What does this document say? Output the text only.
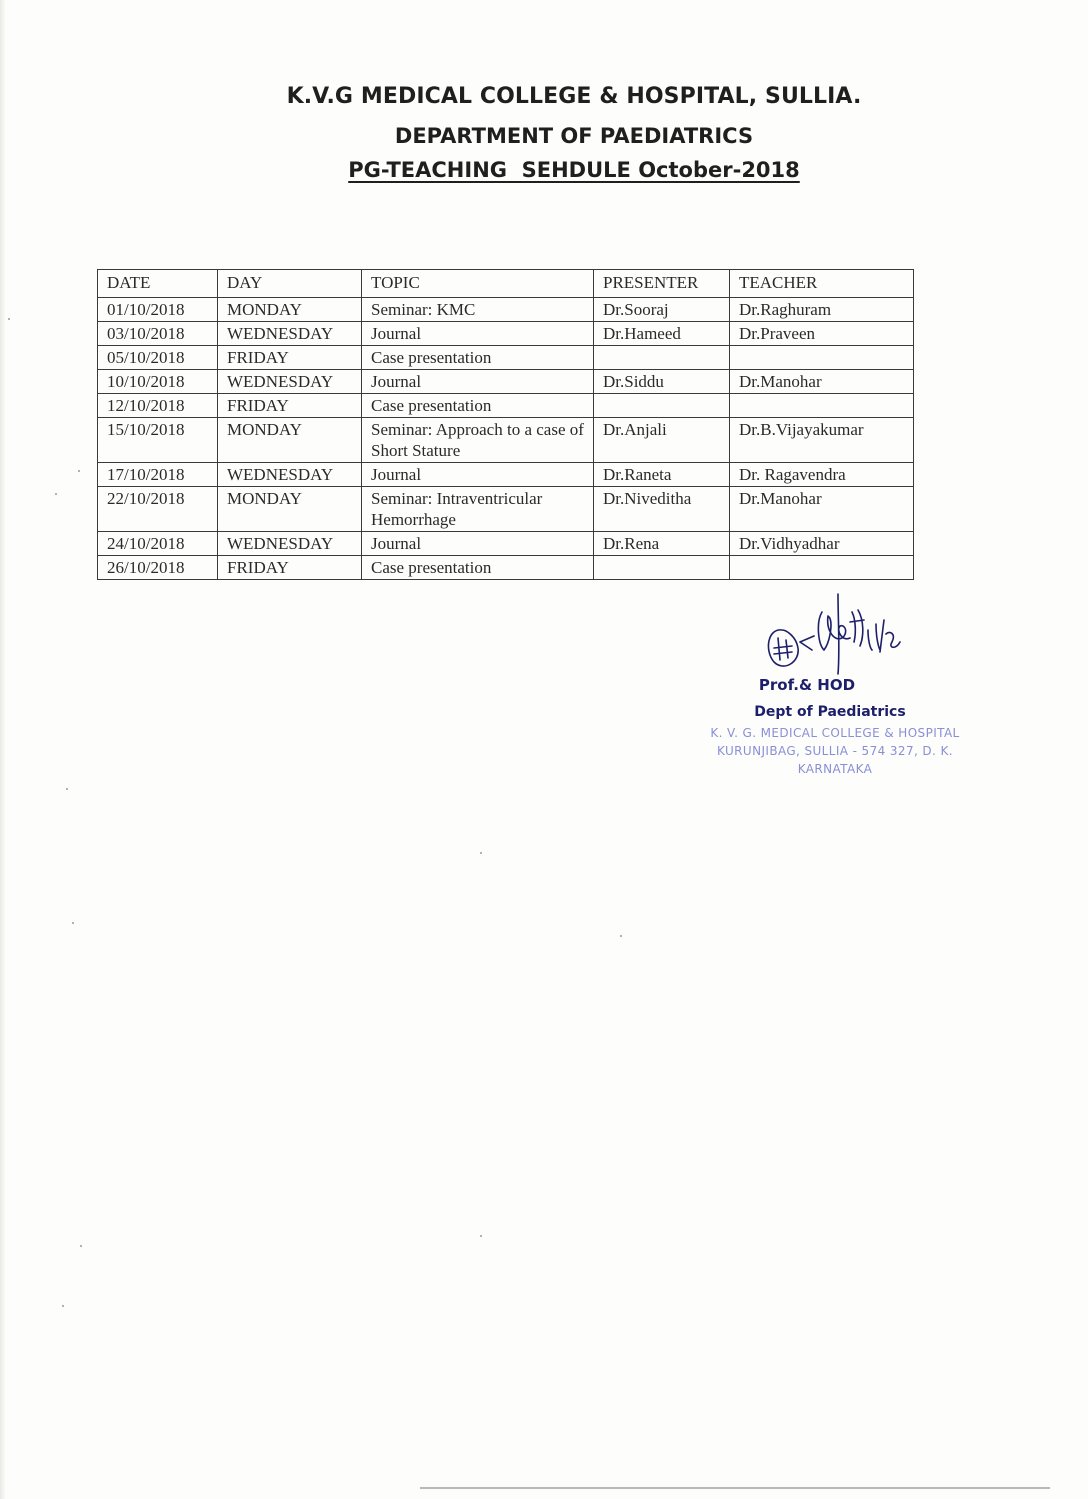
K.V.G MEDICAL COLLEGE & HOSPITAL, SULLIA.
DEPARTMENT OF PAEDIATRICS
PG-TEACHING  SEHDULE October-2018
DATE	DAY	TOPIC	PRESENTER	TEACHER
01/10/2018	MONDAY	Seminar: KMC	Dr.Sooraj	Dr.Raghuram
03/10/2018	WEDNESDAY	Journal	Dr.Hameed	Dr.Praveen
05/10/2018	FRIDAY	Case presentation		
10/10/2018	WEDNESDAY	Journal	Dr.Siddu	Dr.Manohar
12/10/2018	FRIDAY	Case presentation		
15/10/2018	MONDAY	Seminar: Approach to a case of Short Stature	Dr.Anjali	Dr.B.Vijayakumar
17/10/2018	WEDNESDAY	Journal	Dr.Raneta	Dr. Ragavendra
22/10/2018	MONDAY	Seminar: Intraventricular Hemorrhage	Dr.Niveditha	Dr.Manohar
24/10/2018	WEDNESDAY	Journal	Dr.Rena	Dr.Vidhyadhar
26/10/2018	FRIDAY	Case presentation		
Prof.& HOD
Dept of Paediatrics
K. V. G. MEDICAL COLLEGE & HOSPITAL
KURUNJIBAG, SULLIA - 574 327, D. K.
KARNATAKA
